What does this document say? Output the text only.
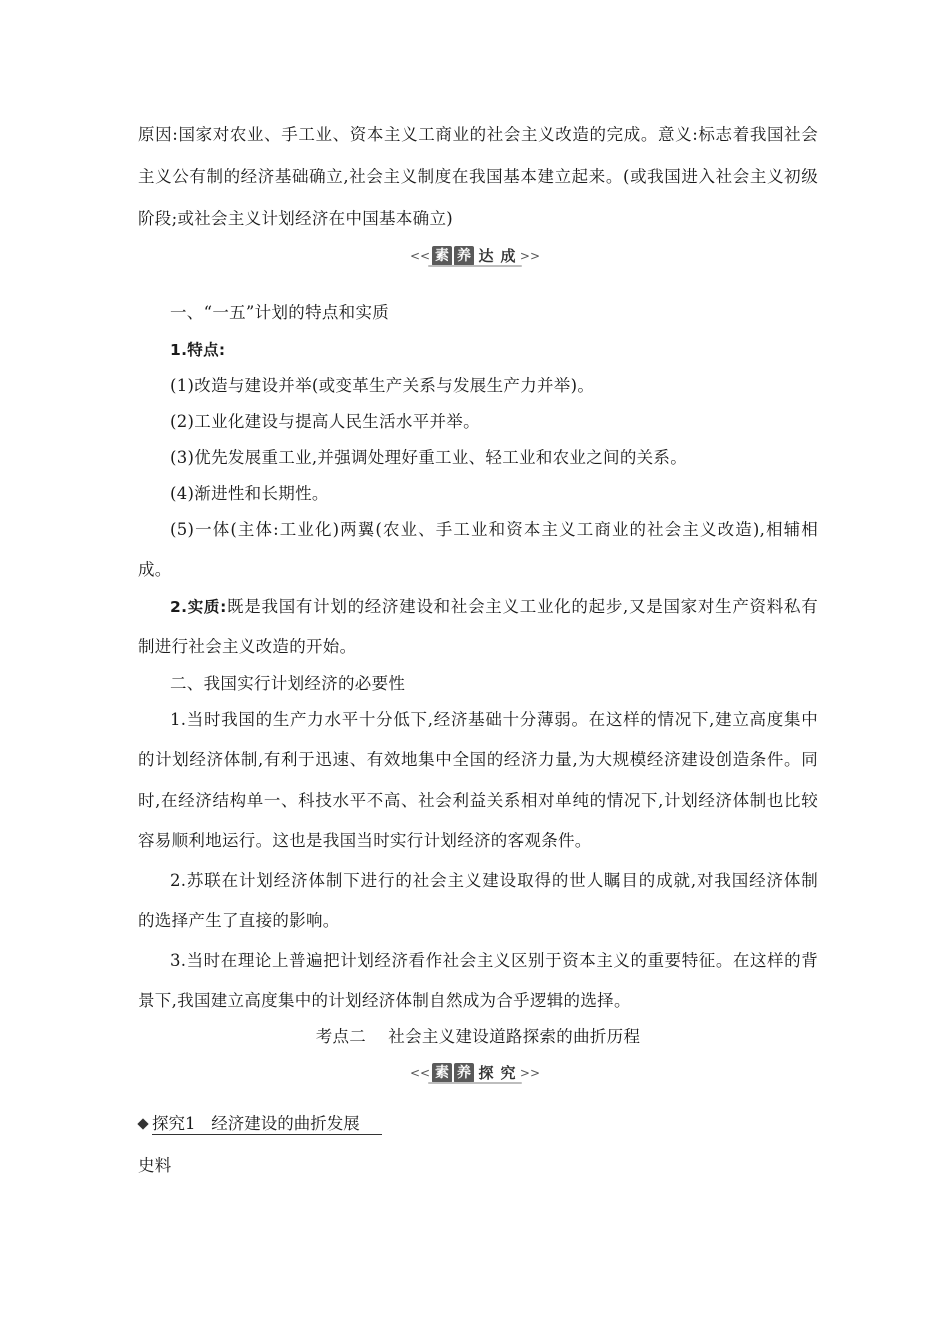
原因:国家对农业、手工业、资本主义工商业的社会主义改造的完成。意义:标志着我国社会
主义公有制的经济基础确立,社会主义制度在我国基本建立起来。(或我国进入社会主义初级
阶段;或社会主义计划经济在中国基本确立)
<< 素 养 达 成 >>
一、“一五”计划的特点和实质
1.特点:
(1)改造与建设并举(或变革生产关系与发展生产力并举)。
(2)工业化建设与提高人民生活水平并举。
(3)优先发展重工业,并强调处理好重工业、轻工业和农业之间的关系。
(4)渐进性和长期性。
(5)一体(主体:工业化)两翼(农业、手工业和资本主义工商业的社会主义改造),相辅相
成。
2.实质:既是我国有计划的经济建设和社会主义工业化的起步,又是国家对生产资料私有
制进行社会主义改造的开始。
二、我国实行计划经济的必要性
1.当时我国的生产力水平十分低下,经济基础十分薄弱。在这样的情况下,建立高度集中
的计划经济体制,有利于迅速、有效地集中全国的经济力量,为大规模经济建设创造条件。同
时,在经济结构单一、科技水平不高、社会利益关系相对单纯的情况下,计划经济体制也比较
容易顺利地运行。这也是我国当时实行计划经济的客观条件。
2.苏联在计划经济体制下进行的社会主义建设取得的世人瞩目的成就,对我国经济体制
的选择产生了直接的影响。
3.当时在理论上普遍把计划经济看作社会主义区别于资本主义的重要特征。在这样的背
景下,我国建立高度集中的计划经济体制自然成为合乎逻辑的选择。
考点二    社会主义建设道路探索的曲折历程
<< 素 养 探 究 >>
探究1   经济建设的曲折发展
史料
